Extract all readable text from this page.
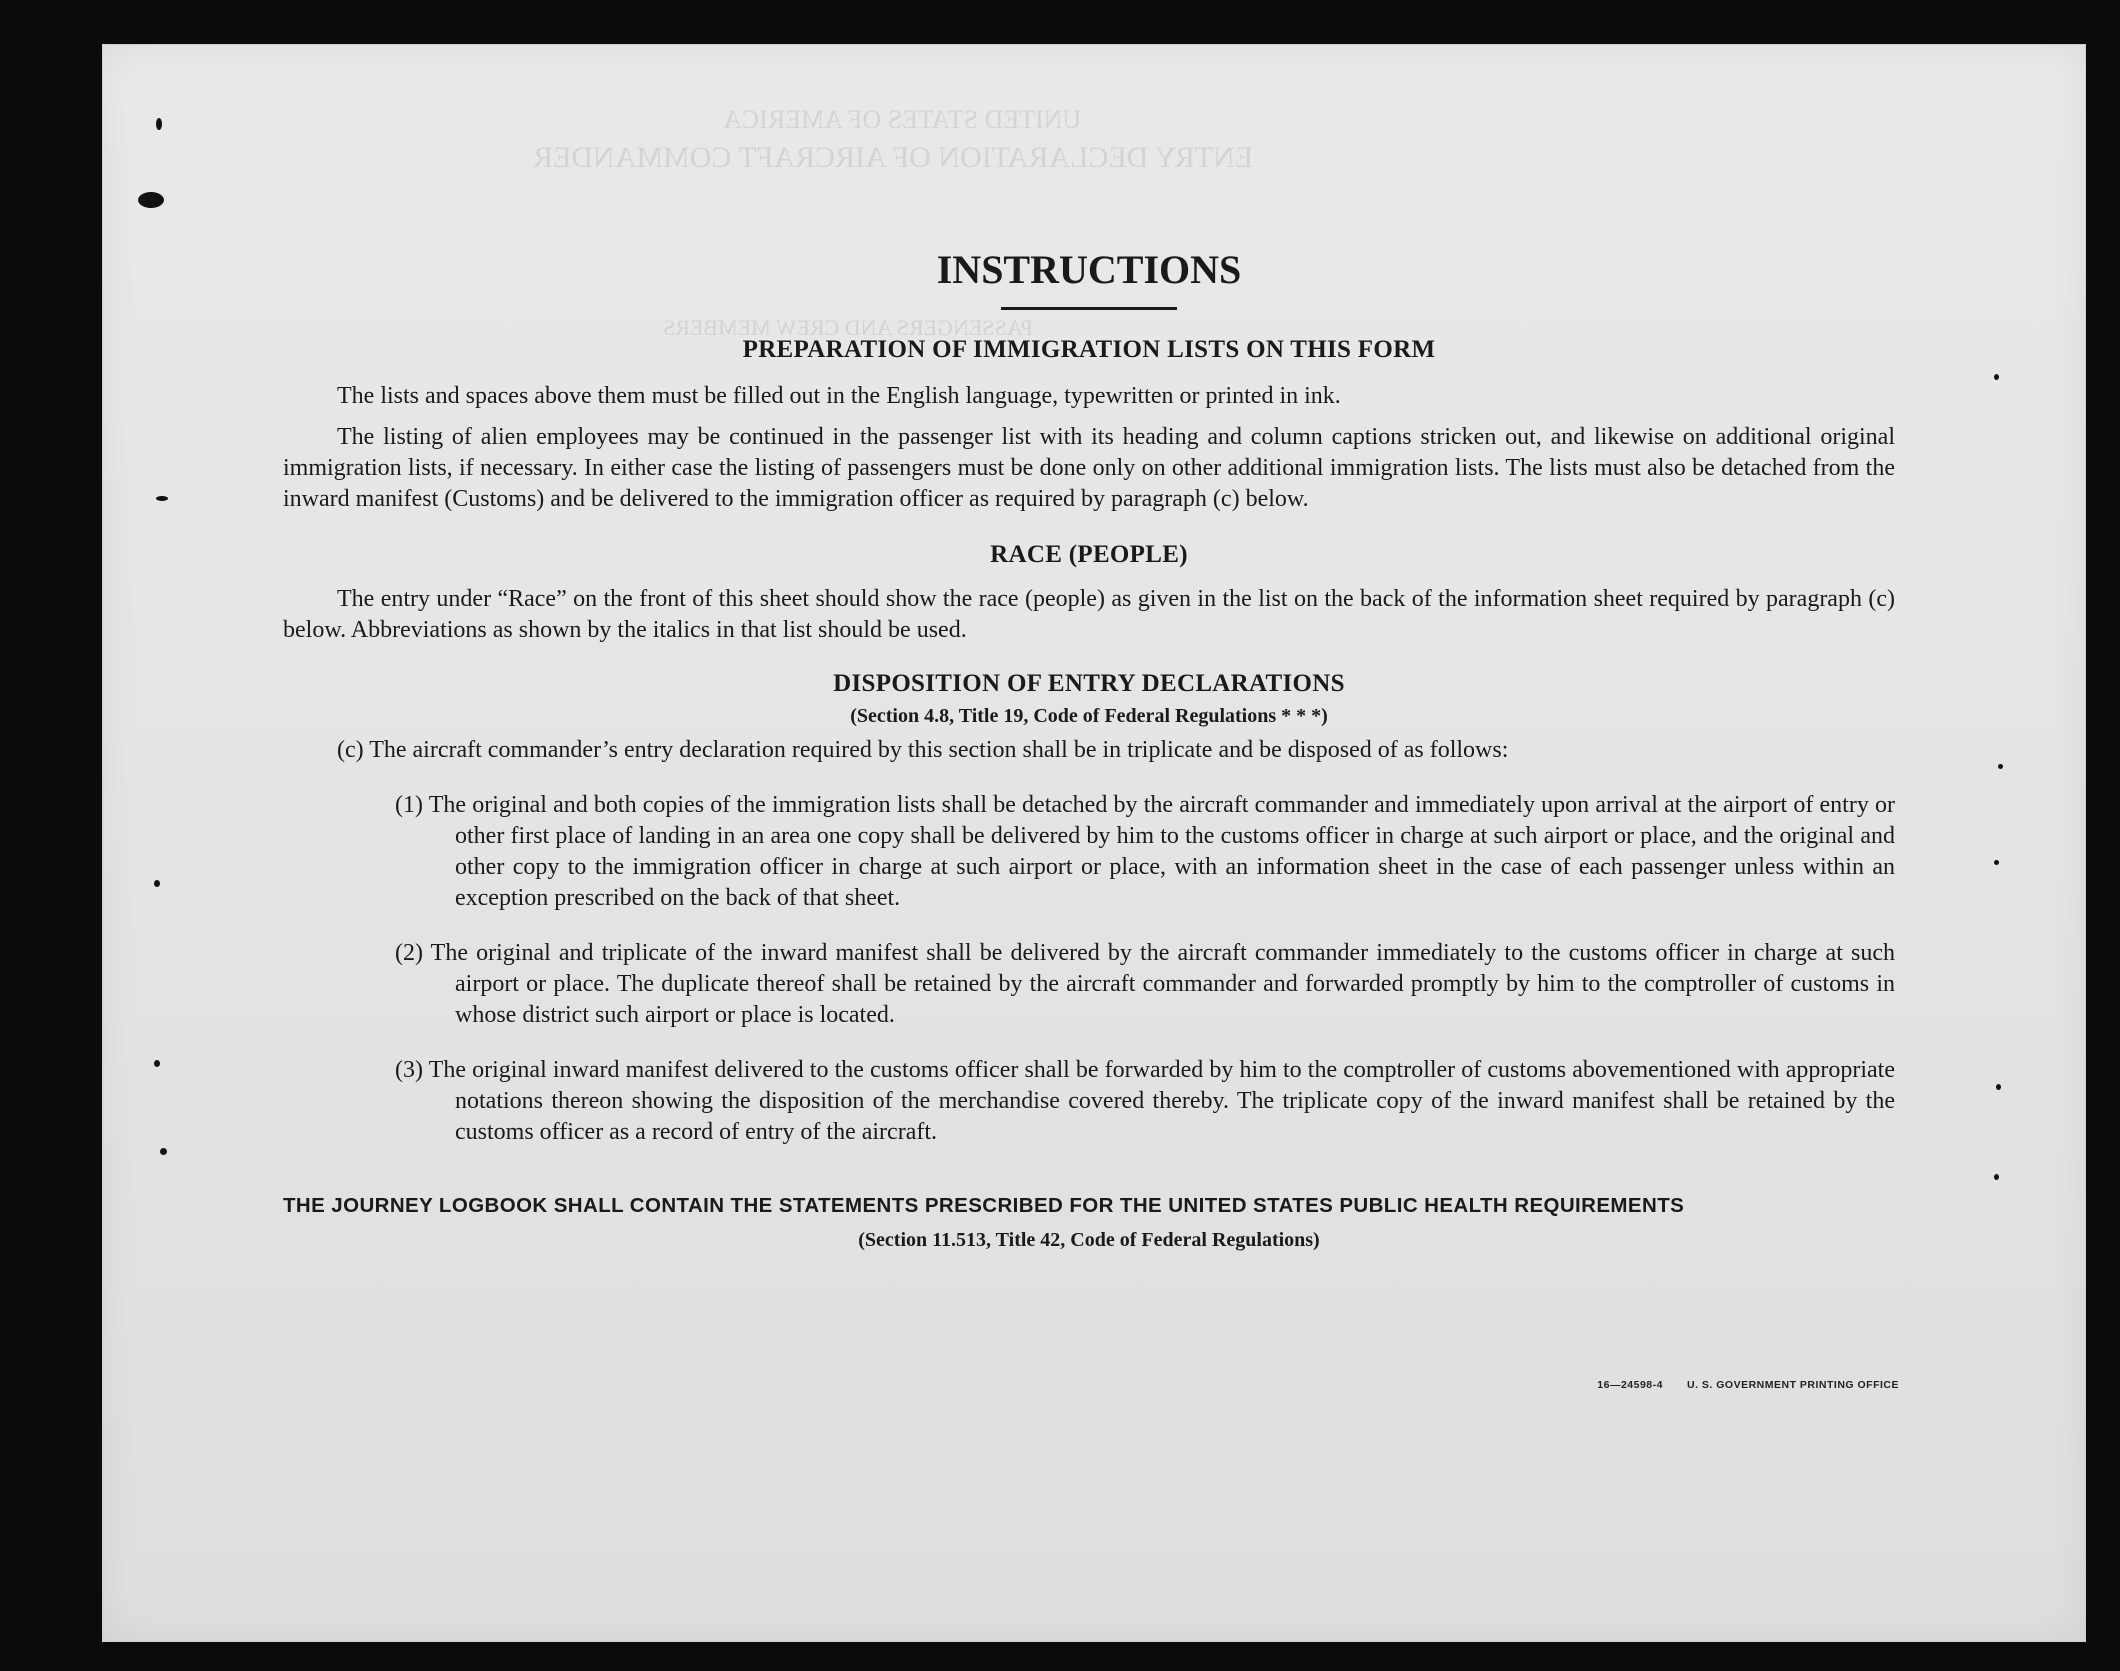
UNITED STATES OF AMERICA
ENTRY DECLARATION OF AIRCRAFT COMMANDER
PASSENGERS AND CREW MEMBERS
INSTRUCTIONS
PREPARATION OF IMMIGRATION LISTS ON THIS FORM

The lists and spaces above them must be filled out in the English language, typewritten or printed in ink.

The listing of alien employees may be continued in the passenger list with its heading and column captions stricken out, and likewise on additional original immigration lists, if necessary. In either case the listing of passengers must be done only on other additional immigration lists. The lists must also be detached from the inward manifest (Customs) and be delivered to the immigration officer as required by paragraph (c) below.

RACE (PEOPLE)

The entry under “Race” on the front of this sheet should show the race (people) as given in the list on the back of the information sheet required by paragraph (c) below. Abbreviations as shown by the italics in that list should be used.

DISPOSITION OF ENTRY DECLARATIONS
(Section 4.8, Title 19, Code of Federal Regulations * * *)

(c) The aircraft commander’s entry declaration required by this section shall be in triplicate and be disposed of as follows:

(1) The original and both copies of the immigration lists shall be detached by the aircraft commander and immediately upon arrival at the airport of entry or other first place of landing in an area one copy shall be delivered by him to the customs officer in charge at such airport or place, and the original and other copy to the immigration officer in charge at such airport or place, with an information sheet in the case of each passenger unless within an exception prescribed on the back of that sheet.

(2) The original and triplicate of the inward manifest shall be delivered by the aircraft commander immediately to the customs officer in charge at such airport or place. The duplicate thereof shall be retained by the aircraft commander and forwarded promptly by him to the comptroller of customs in whose district such airport or place is located.

(3) The original inward manifest delivered to the customs officer shall be forwarded by him to the comptroller of customs abovementioned with appropriate notations thereon showing the disposition of the merchandise covered thereby. The triplicate copy of the inward manifest shall be retained by the customs officer as a record of entry of the aircraft.

THE JOURNEY LOGBOOK SHALL CONTAIN THE STATEMENTS PRESCRIBED FOR THE UNITED STATES PUBLIC HEALTH REQUIREMENTS
(Section 11.513, Title 42, Code of Federal Regulations)
16—24598-4 U. S. GOVERNMENT PRINTING OFFICE
